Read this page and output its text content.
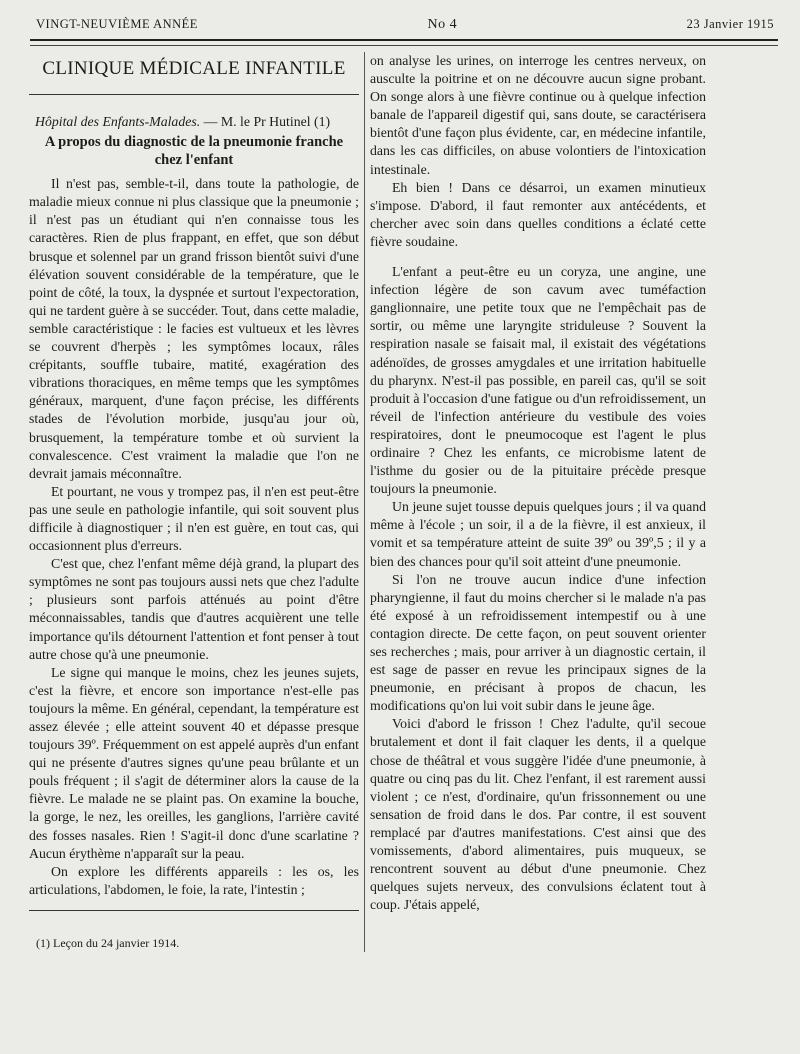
VINGT-NEUVIÈME ANNÉE	No 4	23 Janvier 1915
CLINIQUE MÉDICALE INFANTILE
Hôpital des Enfants-Malades. — M. le Pr Hutinel (1)
A propos du diagnostic de la pneumonie franche
chez l'enfant

Il n'est pas, semble-t-il, dans toute la pathologie, de maladie mieux connue ni plus classique que la pneumonie ; il n'est pas un étudiant qui n'en connaisse tous les caractères. Rien de plus frappant, en effet, que son début brusque et solennel par un grand frisson bientôt suivi d'une élévation souvent considérable de la température, que le point de côté, la toux, la dyspnée et surtout l'expectoration, qui ne tardent guère à se succéder. Tout, dans cette maladie, semble caractéristique : le facies est vultueux et les lèvres se couvrent d'herpès ; les symptômes locaux, râles crépitants, souffle tubaire, matité, exagération des vibrations thoraciques, en même temps que les symptômes généraux, marquent, d'une façon précise, les différents stades de l'évolution morbide, jusqu'au jour où, brusquement, la température tombe et où survient la convalescence. C'est vraiment la maladie que l'on ne devrait jamais méconnaître.

Et pourtant, ne vous y trompez pas, il n'en est peut-être pas une seule en pathologie infantile, qui soit souvent plus difficile à diagnostiquer ; il n'en est guère, en tout cas, qui occasionnent plus d'erreurs.

C'est que, chez l'enfant même déjà grand, la plupart des symptômes ne sont pas toujours aussi nets que chez l'adulte ; plusieurs sont parfois atténués au point d'être méconnaissables, tandis que d'autres acquièrent une telle importance qu'ils détournent l'attention et font penser à tout autre chose qu'à une pneumonie.

Le signe qui manque le moins, chez les jeunes sujets, c'est la fièvre, et encore son importance n'est-elle pas toujours la même. En général, cependant, la température est assez élevée ; elle atteint souvent 40 et dépasse presque toujours 39º. Fréquemment on est appelé auprès d'un enfant qui ne présente d'autres signes qu'une peau brûlante et un pouls fréquent ; il s'agit de déterminer alors la cause de la fièvre. Le malade ne se plaint pas. On examine la bouche, la gorge, le nez, les oreilles, les ganglions, l'arrière cavité des fosses nasales. Rien ! S'agit-il donc d'une scarlatine ? Aucun érythème n'apparaît sur la peau.

On explore les différents appareils : les os, les articulations, l'abdomen, le foie, la rate, l'intestin ;

on analyse les urines, on interroge les centres nerveux, on ausculte la poitrine et on ne découvre aucun signe probant. On songe alors à une fièvre continue ou à quelque infection banale de l'appareil digestif qui, sans doute, se caractérisera bientôt d'une façon plus évidente, car, en médecine infantile, dans les cas difficiles, on abuse volontiers de l'intoxication intestinale.

Eh bien ! Dans ce désarroi, un examen minutieux s'impose. D'abord, il faut remonter aux antécédents, et chercher avec soin dans quelles conditions a éclaté cette fièvre soudaine.

L'enfant a peut-être eu un coryza, une angine, une infection légère de son cavum avec tuméfaction ganglionnaire, une petite toux que ne l'empêchait pas de sortir, ou même une laryngite striduleuse ? Souvent la respiration nasale se faisait mal, il existait des végétations adénoïdes, de grosses amygdales et une irritation habituelle du pharynx. N'est-il pas possible, en pareil cas, qu'il se soit produit à l'occasion d'une fatigue ou d'un refroidissement, un réveil de l'infection antérieure du vestibule des voies respiratoires, dont le pneumocoque est l'agent le plus ordinaire ? Chez les enfants, ce microbisme latent de l'isthme du gosier ou de la pituitaire précède presque toujours la pneumonie.

Un jeune sujet tousse depuis quelques jours ; il va quand même à l'école ; un soir, il a de la fièvre, il est anxieux, il vomit et sa température atteint de suite 39º ou 39º,5 ; il y a bien des chances pour qu'il soit atteint d'une pneumonie.

Si l'on ne trouve aucun indice d'une infection pharyngienne, il faut du moins chercher si le malade n'a pas été exposé à un refroidissement intempestif ou à une contagion directe. De cette façon, on peut souvent orienter ses recherches ; mais, pour arriver à un diagnostic certain, il est sage de passer en revue les principaux signes de la pneumonie, en précisant à propos de chacun, les modifications qu'on lui voit subir dans le jeune âge.

Voici d'abord le frisson ! Chez l'adulte, qu'il secoue brutalement et dont il fait claquer les dents, il a quelque chose de théâtral et vous suggère l'idée d'une pneumonie, à quatre ou cinq pas du lit. Chez l'enfant, il est rarement aussi violent ; ce n'est, d'ordinaire, qu'un frissonnement ou une sensation de froid dans le dos. Par contre, il est souvent remplacé par d'autres manifestations. C'est ainsi que des vomissements, d'abord alimentaires, puis muqueux, se rencontrent souvent au début d'une pneumonie. Chez quelques sujets nerveux, des convulsions éclatent tout à coup. J'étais appelé,

(1) Leçon du 24 janvier 1914.
